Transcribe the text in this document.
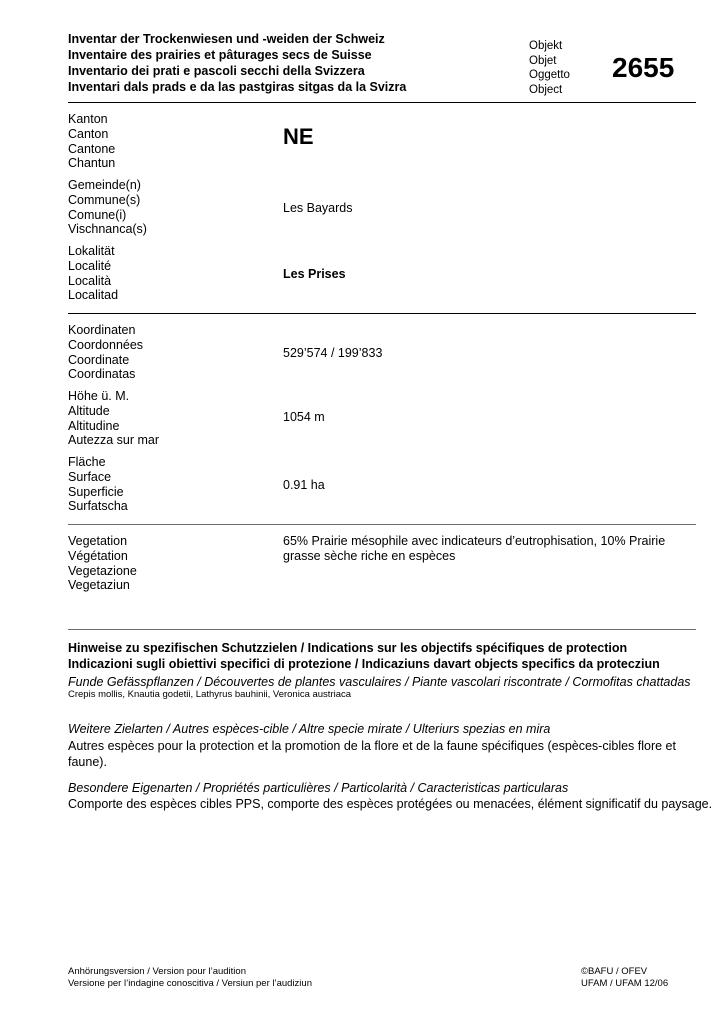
Inventar der Trockenwiesen und -weiden der Schweiz
Inventaire des prairies et pâturages secs de Suisse
Inventario dei prati e pascoli secchi della Svizzera
Inventari dals prads e da las pastgiras sitgas da la Svizra
Objekt
Objet
Oggetto
Object
2655
Kanton
Canton
Cantone
Chantun
NE
Gemeinde(n)
Commune(s)
Comune(i)
Vischnanca(s)
Les Bayards
Lokalität
Localité
Località
Localitad
Les Prises
Koordinaten
Coordonnées
Coordinate
Coordinatas
529’574 / 199’833
Höhe ü. M.
Altitude
Altitudine
Autezza sur mar
1054 m
Fläche
Surface
Superficie
Surfatscha
0.91 ha
Vegetation
Végétation
Vegetazione
Vegetaziun
65% Prairie mésophile avec indicateurs d’eutrophisation, 10% Prairie grasse sèche riche en espèces
Hinweise zu spezifischen Schutzzielen / Indications sur les objectifs spécifiques de protection
Indicazioni sugli obiettivi specifici di protezione / Indicaziuns davart objects specifics da protecziun
Funde Gefässpflanzen / Découvertes de plantes vasculaires / Piante vascolari riscontrate / Cormofitas chattadas
Crepis mollis, Knautia godetii, Lathyrus bauhinii, Veronica austriaca
Weitere Zielarten / Autres espèces-cible / Altre specie mirate / Ulteriurs spezias en mira
Autres espèces pour la protection et la promotion de la flore et de la faune spécifiques (espèces-cibles flore et faune).
Besondere Eigenarten / Propriétés particulières / Particolarità / Caracteristicas particularas
Comporte des espèces cibles PPS, comporte des espèces protégées ou menacées, élément significatif du paysage.
Anhörungsversion / Version pour l’audition
Versione per l’indagine conoscitiva / Versiun per l’audiziun
©BAFU / OFEV
UFAM / UFAM 12/06
